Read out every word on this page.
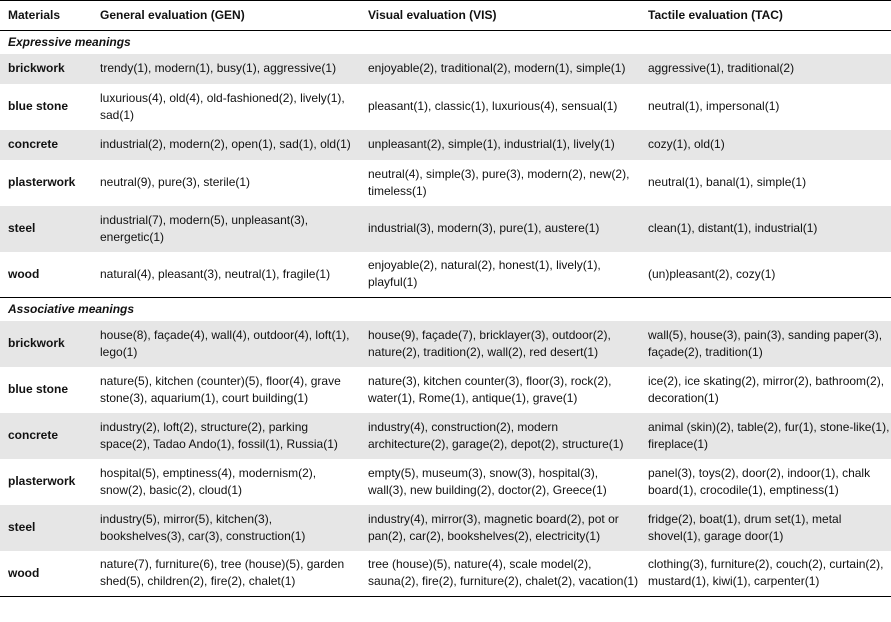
Materials	General evaluation (GEN)	Visual evaluation (VIS)	Tactile evaluation (TAC)
Expressive meanings			
brickwork	trendy(1), modern(1), busy(1), aggressive(1)	enjoyable(2), traditional(2), modern(1), simple(1)	aggressive(1), traditional(2)
blue stone	luxurious(4), old(4), old-fashioned(2), lively(1), sad(1)	pleasant(1), classic(1), luxurious(4), sensual(1)	neutral(1), impersonal(1)
concrete	industrial(2), modern(2), open(1), sad(1), old(1)	unpleasant(2), simple(1), industrial(1), lively(1)	cozy(1), old(1)
plasterwork	neutral(9), pure(3), sterile(1)	neutral(4), simple(3), pure(3), modern(2), new(2), timeless(1)	neutral(1), banal(1), simple(1)
steel	industrial(7), modern(5), unpleasant(3), energetic(1)	industrial(3), modern(3), pure(1), austere(1)	clean(1), distant(1), industrial(1)
wood	natural(4), pleasant(3), neutral(1), fragile(1)	enjoyable(2), natural(2), honest(1), lively(1), playful(1)	(un)pleasant(2), cozy(1)
Associative meanings			
brickwork	house(8), façade(4), wall(4), outdoor(4), loft(1), lego(1)	house(9), façade(7), bricklayer(3), outdoor(2), nature(2), tradition(2), wall(2), red desert(1)	wall(5), house(3), pain(3), sanding paper(3), façade(2), tradition(1)
blue stone	nature(5), kitchen (counter)(5), floor(4), grave stone(3), aquarium(1), court building(1)	nature(3), kitchen counter(3), floor(3), rock(2), water(1), Rome(1), antique(1), grave(1)	ice(2), ice skating(2), mirror(2), bathroom(2), decoration(1)
concrete	industry(2), loft(2), structure(2), parking space(2), Tadao Ando(1), fossil(1), Russia(1)	industry(4), construction(2), modern architecture(2), garage(2), depot(2), structure(1)	animal (skin)(2), table(2), fur(1), stone-like(1), fireplace(1)
plasterwork	hospital(5), emptiness(4), modernism(2), snow(2), basic(2), cloud(1)	empty(5), museum(3), snow(3), hospital(3), wall(3), new building(2), doctor(2), Greece(1)	panel(3), toys(2), door(2), indoor(1), chalk board(1), crocodile(1), emptiness(1)
steel	industry(5), mirror(5), kitchen(3), bookshelves(3), car(3), construction(1)	industry(4), mirror(3), magnetic board(2), pot or pan(2), car(2), bookshelves(2), electricity(1)	fridge(2), boat(1), drum set(1), metal shovel(1), garage door(1)
wood	nature(7), furniture(6), tree (house)(5), garden shed(5), children(2), fire(2), chalet(1)	tree (house)(5), nature(4), scale model(2), sauna(2), fire(2), furniture(2), chalet(2), vacation(1)	clothing(3), furniture(2), couch(2), curtain(2), mustard(1), kiwi(1), carpenter(1)
